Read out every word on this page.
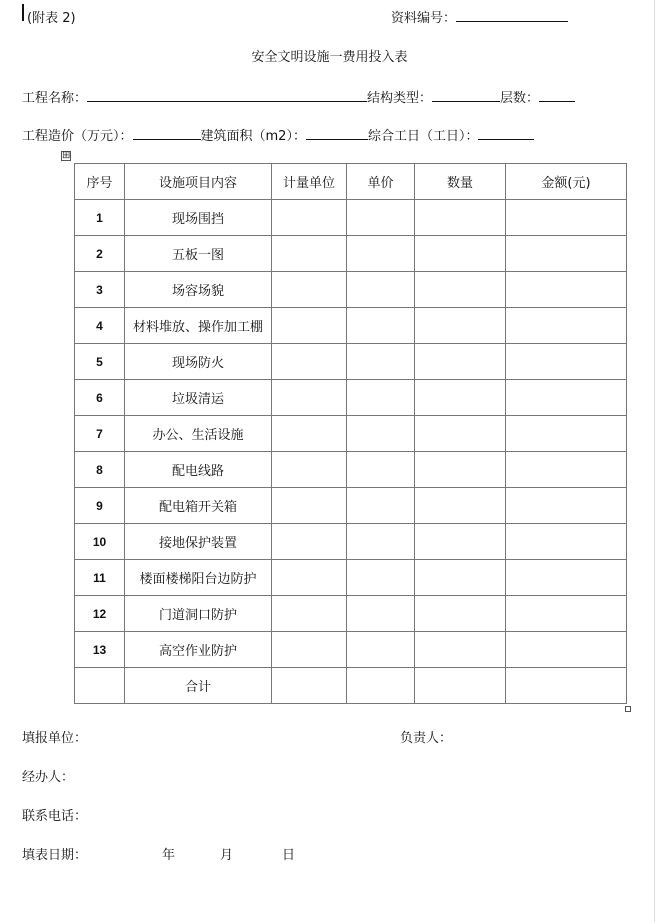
(附表 2)	资料编号：
安全文明设施一费用投入表
工程名称：	结构类型：	层数：
工程造价（万元）：	建筑面积（m2）：	综合工日（工日）：
⊞
序号	设施项目内容	计量单位	单价	数量	金额(元)
1	现场围挡				
2	五板一图				
3	场容场貌				
4	材料堆放、操作加工棚				
5	现场防火				
6	垃圾清运				
7	办公、生活设施				
8	配电线路				
9	配电箱开关箱				
10	接地保护装置				
11	楼面楼梯阳台边防护				
12	门道洞口防护				
13	高空作业防护				
	合计				
填报单位：	负责人：
经办人：
联系电话：
填表日期：	年	月	日
